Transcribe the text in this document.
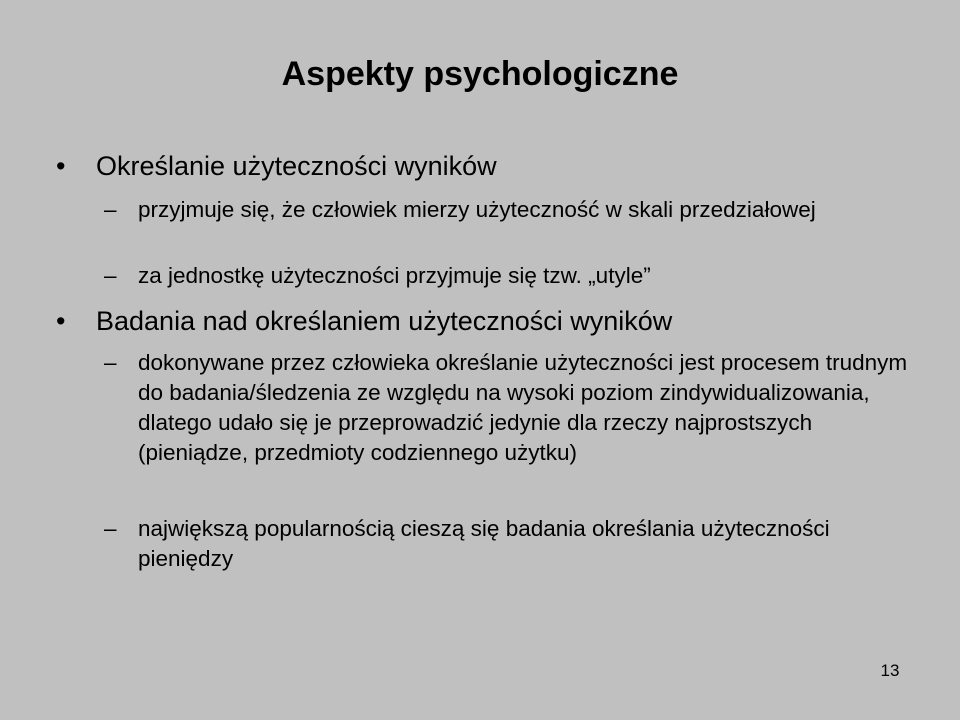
Aspekty psychologiczne
• Określanie użyteczności wyników
– przyjmuje się, że człowiek mierzy użyteczność w skali przedziałowej
– za jednostkę użyteczności przyjmuje się tzw. „utyle”
• Badania nad określaniem użyteczności wyników
– dokonywane przez człowieka określanie użyteczności jest procesem trudnym do badania/śledzenia ze względu na wysoki poziom zindywidualizowania, dlatego udało się je przeprowadzić jedynie dla rzeczy najprostszych (pieniądze, przedmioty codziennego użytku)
– największą popularnością cieszą się badania określania użyteczności pieniędzy
13
